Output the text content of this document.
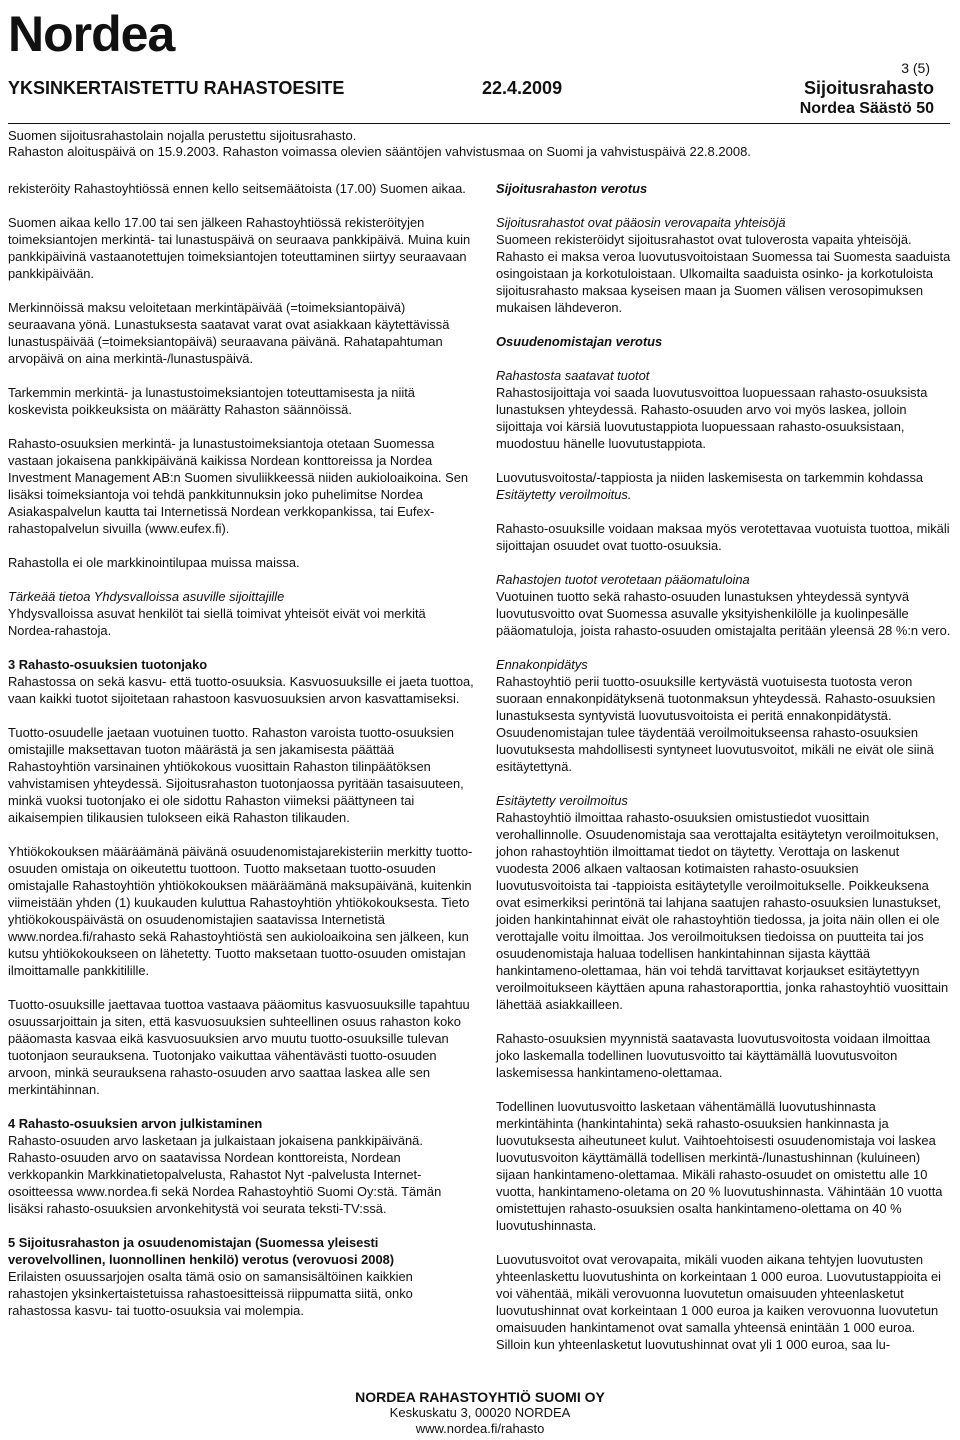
Nordea
3 (5)
YKSINKERTAISTETTU RAHASTOESITE	22.4.2009	Sijoitusrahasto
Nordea Säästö 50
Suomen sijoitusrahastolain nojalla perustettu sijoitusrahasto.
Rahaston aloituspäivä on 15.9.2003. Rahaston voimassa olevien sääntöjen vahvistusmaa on Suomi ja vahvistuspäivä 22.8.2008.

rekisteröity Rahastoyhtiössä ennen kello seitsemäätoista (17.00) Suomen aikaa.

Suomen aikaa kello 17.00 tai sen jälkeen Rahastoyhtiössä rekisteröityjen toimeksiantojen merkintä- tai lunastuspäivä on seuraava pankkipäivä. Muina kuin pankkipäivinä vastaanotettujen toimeksiantojen toteuttaminen siirtyy seuraavaan pankkipäivään.

Merkinnöissä maksu veloitetaan merkintäpäivää (=toimeksiantopäivä) seuraavana yönä. Lunastuksesta saatavat varat ovat asiakkaan käytettävissä lunastuspäivää (=toimeksiantopäivä) seuraavana päivänä. Rahatapahtuman arvopäivä on aina merkintä-/lunastuspäivä.

Tarkemmin merkintä- ja lunastustoimeksiantojen toteuttamisesta ja niitä koskevista poikkeuksista on määrätty Rahaston säännöissä.

Rahasto-osuuksien merkintä- ja lunastustoimeksiantoja otetaan Suomessa vastaan jokaisena pankkipäivänä kaikissa Nordean konttoreissa ja Nordea Investment Management AB:n Suomen sivuliikkeessä niiden aukioloaikoina. Sen lisäksi toimeksiantoja voi tehdä pankkitunnuksin joko puhelimitse Nordea Asiakaspalvelun kautta tai Internetissä Nordean verkkopankissa, tai Eufex-rahastopalvelun sivuilla (www.eufex.fi).

Rahastolla ei ole markkinointilupaa muissa maissa.

Tärkeää tietoa Yhdysvalloissa asuville sijoittajille

Yhdysvalloissa asuvat henkilöt tai siellä toimivat yhteisöt eivät voi merkitä Nordea-rahastoja.

3 Rahasto-osuuksien tuotonjako

Rahastossa on sekä kasvu- että tuotto-osuuksia. Kasvuosuuksille ei jaeta tuottoa, vaan kaikki tuotot sijoitetaan rahastoon kasvuosuuksien arvon kasvattamiseksi.

Tuotto-osuudelle jaetaan vuotuinen tuotto. Rahaston varoista tuotto-osuuksien omistajille maksettavan tuoton määrästä ja sen jakamisesta päättää Rahastoyhtiön varsinainen yhtiökokous vuosittain Rahaston tilinpäätöksen vahvistamisen yhteydessä. Sijoitusrahaston tuotonjaossa pyritään tasaisuuteen, minkä vuoksi tuotonjako ei ole sidottu Rahaston viimeksi päättyneen tai aikaisempien tilikausien tulokseen eikä Rahaston tilikauden.

Yhtiökokouksen määräämänä päivänä osuudenomistajarekisteriin merkitty tuotto-osuuden omistaja on oikeutettu tuottoon. Tuotto maksetaan tuotto-osuuden omistajalle Rahastoyhtiön yhtiökokouksen määräämänä maksupäivänä, kuitenkin viimeistään yhden (1) kuukauden kuluttua Rahastoyhtiön yhtiökokouksesta. Tieto yhtiökokouspäivästä on osuudenomistajien saatavissa Internetistä www.nordea.fi/rahasto sekä Rahastoyhtiöstä sen aukioloaikoina sen jälkeen, kun kutsu yhtiökokoukseen on lähetetty. Tuotto maksetaan tuotto-osuuden omistajan ilmoittamalle pankkitilille.

Tuotto-osuuksille jaettavaa tuottoa vastaava pääomitus kasvuosuuksille tapahtuu osuussarjoittain ja siten, että kasvuosuuksien suhteellinen osuus rahaston koko pääomasta kasvaa eikä kasvuosuuksien arvo muutu tuotto-osuuksille tulevan tuotonjaon seurauksena. Tuotonjako vaikuttaa vähentävästi tuotto-osuuden arvoon, minkä seurauksena rahasto-osuuden arvo saattaa laskea alle sen merkintähinnan.

4 Rahasto-osuuksien arvon julkistaminen

Rahasto-osuuden arvo lasketaan ja julkaistaan jokaisena pankkipäivänä. Rahasto-osuuden arvo on saatavissa Nordean konttoreista, Nordean verkkopankin Markkinatietopalvelusta, Rahastot Nyt -palvelusta Internet-osoitteessa www.nordea.fi sekä Nordea Rahastoyhtiö Suomi Oy:stä. Tämän lisäksi rahasto-osuuksien arvonkehitystä voi seurata teksti-TV:ssä.

5 Sijoitusrahaston ja osuudenomistajan (Suomessa yleisesti verovelvollinen, luonnollinen henkilö) verotus (verovuosi 2008)

Erilaisten osuussarjojen osalta tämä osio on samansisältöinen kaikkien rahastojen yksinkertaistetuissa rahastoesitteissä riippumatta siitä, onko rahastossa kasvu- tai tuotto-osuuksia vai molempia.

Sijoitusrahaston verotus

Sijoitusrahastot ovat pääosin verovapaita yhteisöjä

Suomeen rekisteröidyt sijoitusrahastot ovat tuloverosta vapaita yhteisöjä. Rahasto ei maksa veroa luovutusvoitoistaan Suomessa tai Suomesta saaduista osingoistaan ja korkotuloistaan. Ulkomailta saaduista osinko- ja korkotuloista sijoitusrahasto maksaa kyseisen maan ja Suomen välisen verosopimuksen mukaisen lähdeveron.

Osuudenomistajan verotus

Rahastosta saatavat tuotot

Rahastosijoittaja voi saada luovutusvoittoa luopuessaan rahasto-osuuksista lunastuksen yhteydessä. Rahasto-osuuden arvo voi myös laskea, jolloin sijoittaja voi kärsiä luovutustappiota luopuessaan rahasto-osuuksistaan, muodostuu hänelle luovutustappiota.

Luovutusvoitosta/-tappiosta ja niiden laskemisesta on tarkemmin kohdassa Esitäytetty veroilmoitus.

Rahasto-osuuksille voidaan maksaa myös verotettavaa vuotuista tuottoa, mikäli sijoittajan osuudet ovat tuotto-osuuksia.

Rahastojen tuotot verotetaan pääomatuloina

Vuotuinen tuotto sekä rahasto-osuuden lunastuksen yhteydessä syntyvä luovutusvoitto ovat Suomessa asuvalle yksityishenkilölle ja kuolinpesälle pääomatuloja, joista rahasto-osuuden omistajalta peritään yleensä 28 %:n vero.

Ennakonpidätys

Rahastoyhtiö perii tuotto-osuuksille kertyvästä vuotuisesta tuotosta veron suoraan ennakonpidätyksenä tuotonmaksun yhteydessä. Rahasto-osuuksien lunastuksesta syntyvistä luovutusvoitoista ei peritä ennakonpidätystä. Osuudenomistajan tulee täydentää veroilmoitukseensa rahasto-osuuksien luovutuksesta mahdollisesti syntyneet luovutusvoitot, mikäli ne eivät ole siinä esitäytettynä.

Esitäytetty veroilmoitus

Rahastoyhtiö ilmoittaa rahasto-osuuksien omistustiedot vuosittain verohallinnolle. Osuudenomistaja saa verottajalta esitäytetyn veroilmoituksen, johon rahastoyhtiön ilmoittamat tiedot on täytetty. Verottaja on laskenut vuodesta 2006 alkaen valtaosan kotimaisten rahasto-osuuksien luovutusvoitoista tai -tappioista esitäytetylle veroilmoitukselle. Poikkeuksena ovat esimerkiksi perintönä tai lahjana saatujen rahasto-osuuksien lunastukset, joiden hankintahinnat eivät ole rahastoyhtiön tiedossa, ja joita näin ollen ei ole verottajalle voitu ilmoittaa. Jos veroilmoituksen tiedoissa on puutteita tai jos osuudenomistaja haluaa todellisen hankintahinnan sijasta käyttää hankintameno-olettamaa, hän voi tehdä tarvittavat korjaukset esitäytettyyn veroilmoitukseen käyttäen apuna rahastoraporttia, jonka rahastoyhtiö vuosittain lähettää asiakkailleen.

Rahasto-osuuksien myynnistä saatavasta luovutusvoitosta voidaan ilmoittaa joko laskemalla todellinen luovutusvoitto tai käyttämällä luovutusvoiton laskemisessa hankintameno-olettamaa.

Todellinen luovutusvoitto lasketaan vähentämällä luovutushinnasta merkintähinta (hankintahinta) sekä rahasto-osuuksien hankinnasta ja luovutuksesta aiheutuneet kulut. Vaihtoehtoisesti osuudenomistaja voi laskea luovutusvoiton käyttämällä todellisen merkintä-/lunastushinnan (kuluineen) sijaan hankintameno-olettamaa. Mikäli rahasto-osuudet on omistettu alle 10 vuotta, hankintameno-oletama on 20 % luovutushinnasta. Vähintään 10 vuotta omistettujen rahasto-osuuksien osalta hankintameno-olettama on 40 % luovutushinnasta.

Luovutusvoitot ovat verovapaita, mikäli vuoden aikana tehtyjen luovutusten yhteenlaskettu luovutushinta on korkeintaan 1 000 euroa. Luovutustappioita ei voi vähentää, mikäli verovuonna luovutetun omaisuuden yhteenlasketut luovutushinnat ovat korkeintaan 1 000 euroa ja kaiken verovuonna luovutetun omaisuuden hankintamenot ovat samalla yhteensä enintään 1 000 euroa. Silloin kun yhteenlasketut luovutushinnat ovat yli 1 000 euroa, saa lu-

NORDEA RAHASTOYHTIÖ SUOMI OY
Keskuskatu 3, 00020 NORDEA
www.nordea.fi/rahasto
